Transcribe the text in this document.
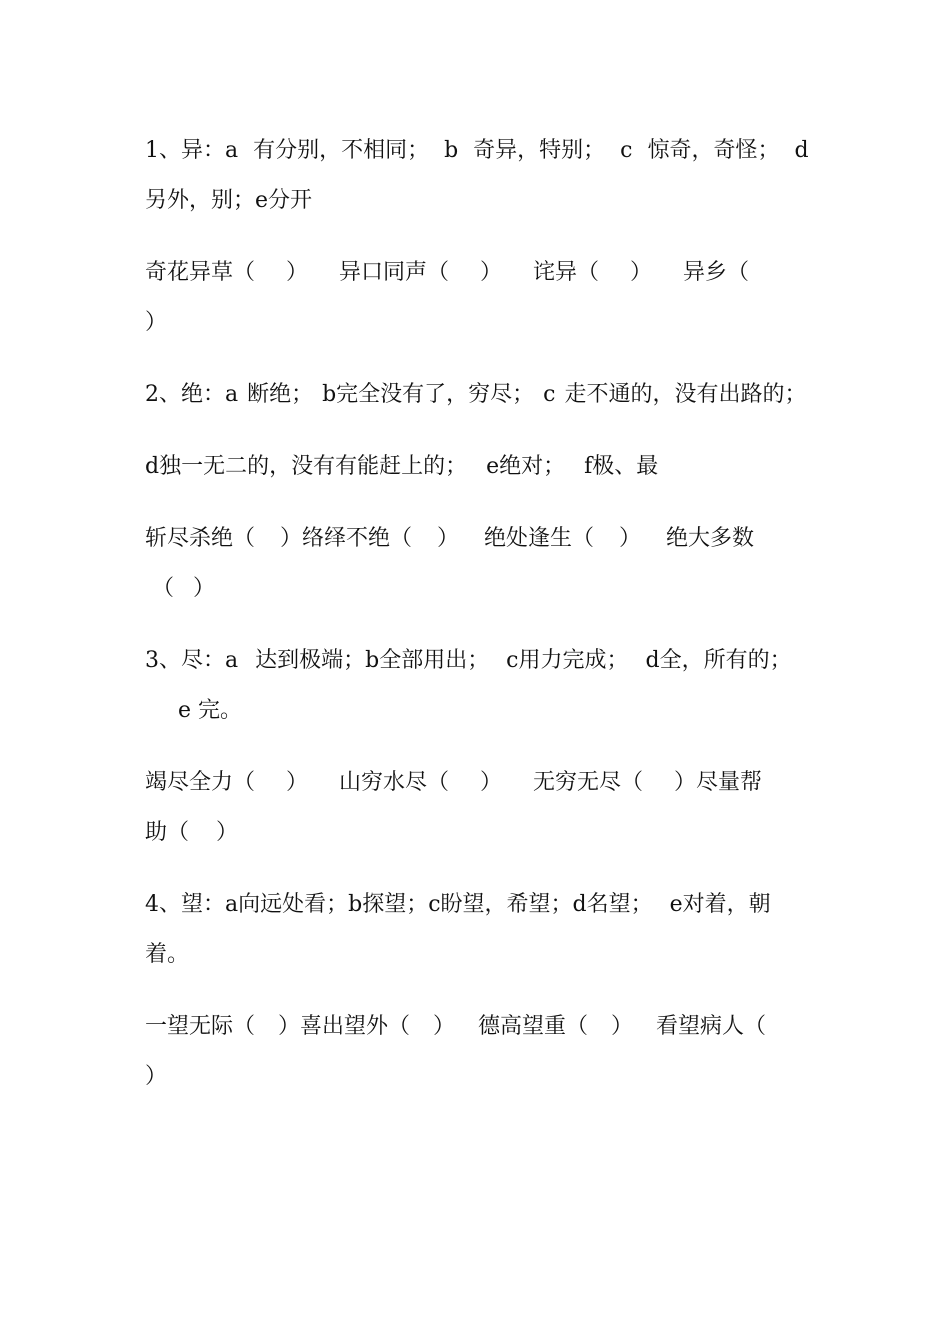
1、异：a 有分别，不相同； b 奇异，特别； c 惊奇，奇怪； d
另外，别；e分开
奇花异草（ ） 异口同声（ ） 诧异（ ） 异乡（
）
2、绝：a 断绝； b完全没有了，穷尽； c 走不通的，没有出路的；
d独一无二的，没有有能赶上的； e绝对； f极、最
斩尽杀绝（ ）络绎不绝（ ） 绝处逢生（ ） 绝大多数
（ ）
3、尽：a 达到极端；b全部用出； c用力完成； d全，所有的；
e 完。
竭尽全力（ ） 山穷水尽（ ） 无穷无尽（ ）尽量帮
助（ ）
4、望：a向远处看；b探望；c盼望，希望；d名望； e对着，朝
着。
一望无际（ ）喜出望外（ ） 德高望重（ ） 看望病人（
）
